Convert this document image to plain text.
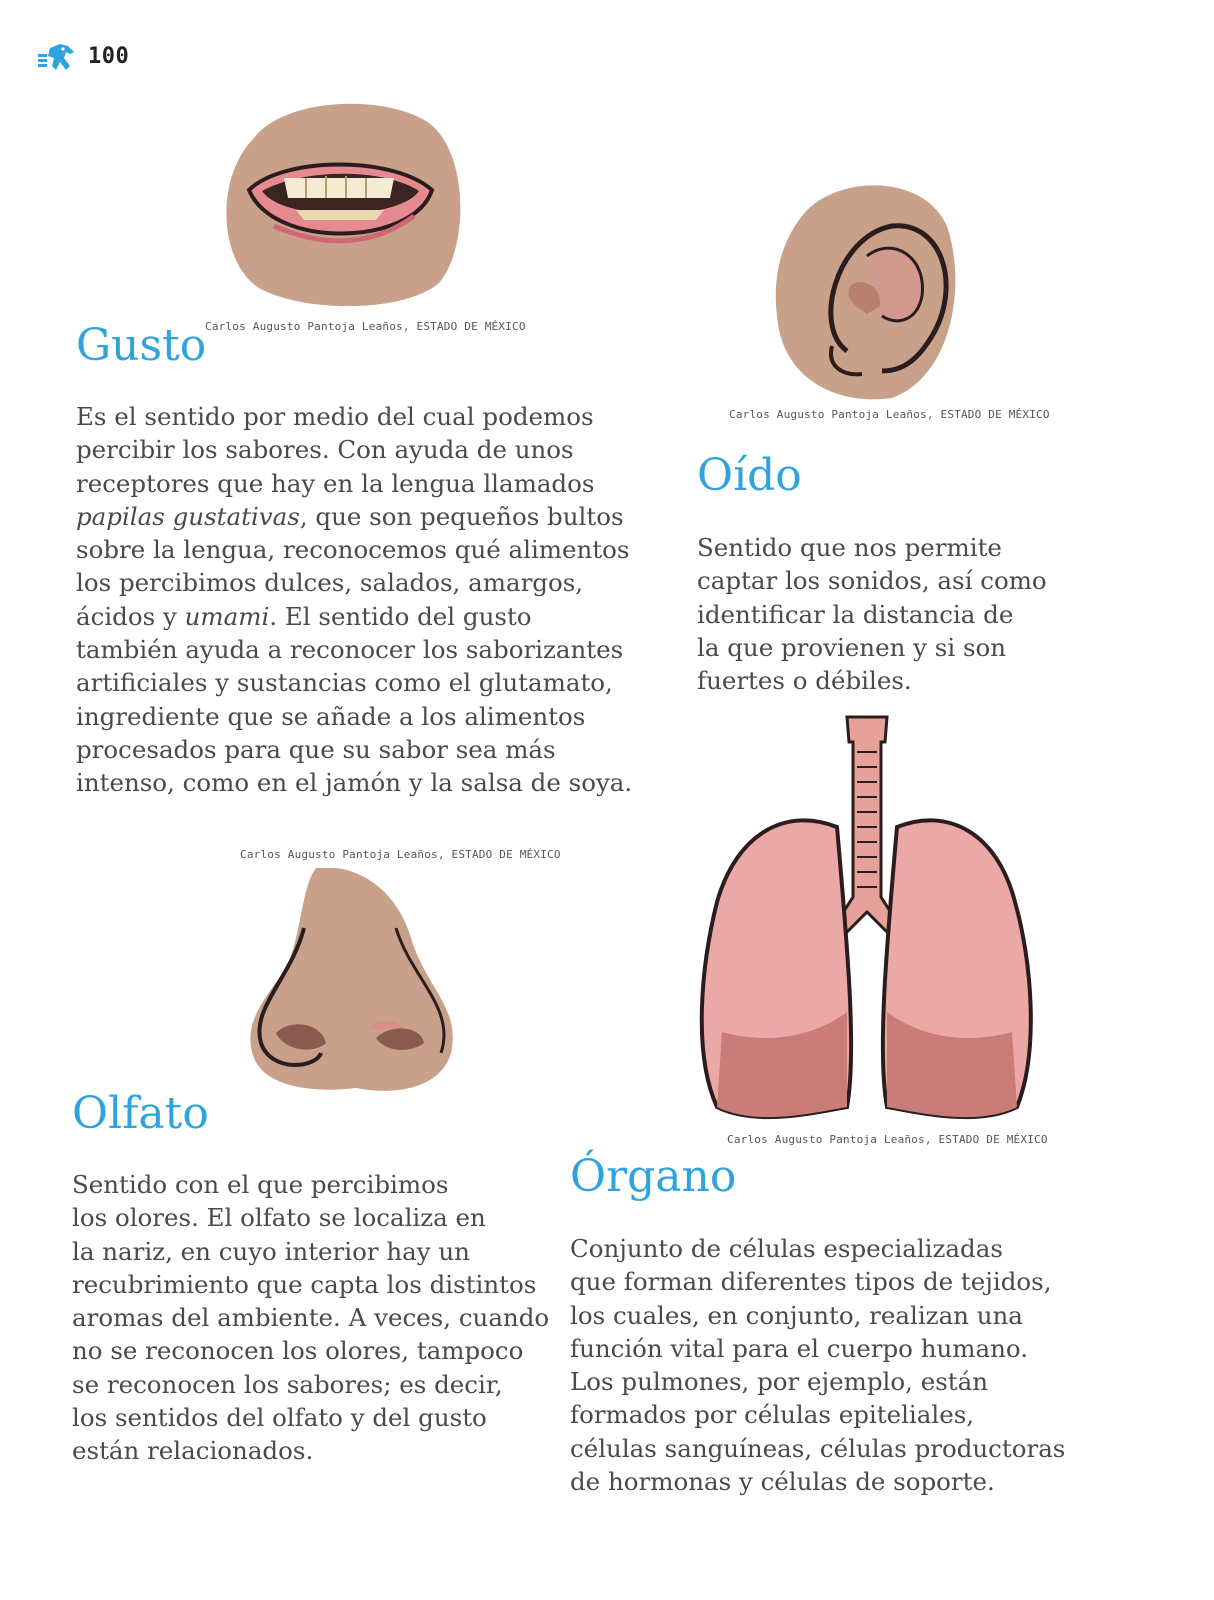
100
Carlos Augusto Pantoja Leaños, ESTADO DE MÉXICO
Gusto
Es el sentido por medio del cual podemos
percibir los sabores. Con ayuda de unos
receptores que hay en la lengua llamados
papilas gustativas, que son pequeños bultos
sobre la lengua, reconocemos qué alimentos
los percibimos dulces, salados, amargos,
ácidos y umami. El sentido del gusto
también ayuda a reconocer los saborizantes
artificiales y sustancias como el glutamato,
ingrediente que se añade a los alimentos
procesados para que su sabor sea más
intenso, como en el jamón y la salsa de soya.
Carlos Augusto Pantoja Leaños, ESTADO DE MÉXICO
Oído
Sentido que nos permite
captar los sonidos, así como
identificar la distancia de
la que provienen y si son
fuertes o débiles.
Carlos Augusto Pantoja Leaños, ESTADO DE MÉXICO
Olfato
Sentido con el que percibimos
los olores. El olfato se localiza en
la nariz, en cuyo interior hay un
recubrimiento que capta los distintos
aromas del ambiente. A veces, cuando
no se reconocen los olores, tampoco
se reconocen los sabores; es decir,
los sentidos del olfato y del gusto
están relacionados.
Carlos Augusto Pantoja Leaños, ESTADO DE MÉXICO
Órgano
Conjunto de células especializadas
que forman diferentes tipos de tejidos,
los cuales, en conjunto, realizan una
función vital para el cuerpo humano.
Los pulmones, por ejemplo, están
formados por células epiteliales,
células sanguíneas, células productoras
de hormonas y células de soporte.
